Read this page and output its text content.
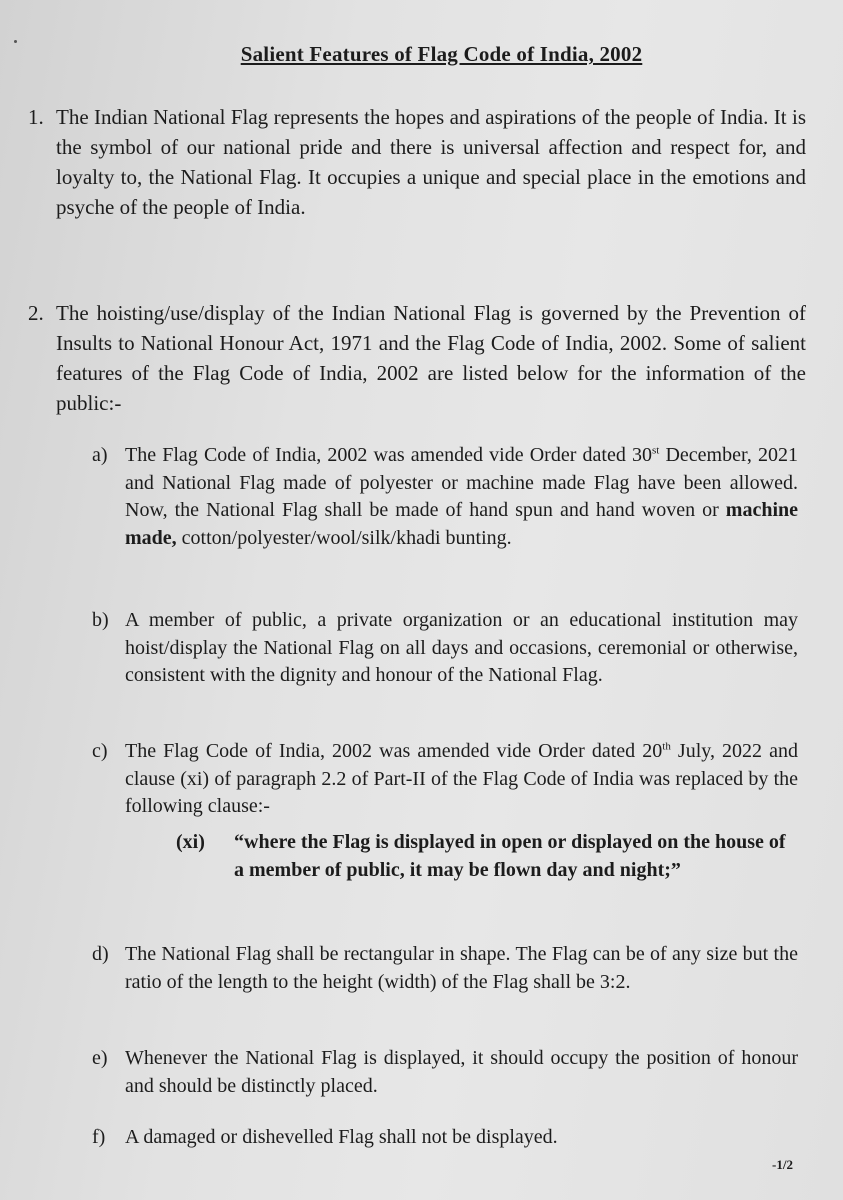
Salient Features of Flag Code of India, 2002
1. The Indian National Flag represents the hopes and aspirations of the people of India. It is the symbol of our national pride and there is universal affection and respect for, and loyalty to, the National Flag. It occupies a unique and special place in the emotions and psyche of the people of India.
2. The hoisting/use/display of the Indian National Flag is governed by the Prevention of Insults to National Honour Act, 1971 and the Flag Code of India, 2002. Some of salient features of the Flag Code of India, 2002 are listed below for the information of the public:-
a) The Flag Code of India, 2002 was amended vide Order dated 30st December, 2021 and National Flag made of polyester or machine made Flag have been allowed. Now, the National Flag shall be made of hand spun and hand woven or machine made, cotton/polyester/wool/silk/khadi bunting.
b) A member of public, a private organization or an educational institution may hoist/display the National Flag on all days and occasions, ceremonial or otherwise, consistent with the dignity and honour of the National Flag.
c) The Flag Code of India, 2002 was amended vide Order dated 20th July, 2022 and clause (xi) of paragraph 2.2 of Part-II of the Flag Code of India was replaced by the following clause:-
(xi) “where the Flag is displayed in open or displayed on the house of a member of public, it may be flown day and night;”
d) The National Flag shall be rectangular in shape. The Flag can be of any size but the ratio of the length to the height (width) of the Flag shall be 3:2.
e) Whenever the National Flag is displayed, it should occupy the position of honour and should be distinctly placed.
f) A damaged or dishevelled Flag shall not be displayed.
-1/2
